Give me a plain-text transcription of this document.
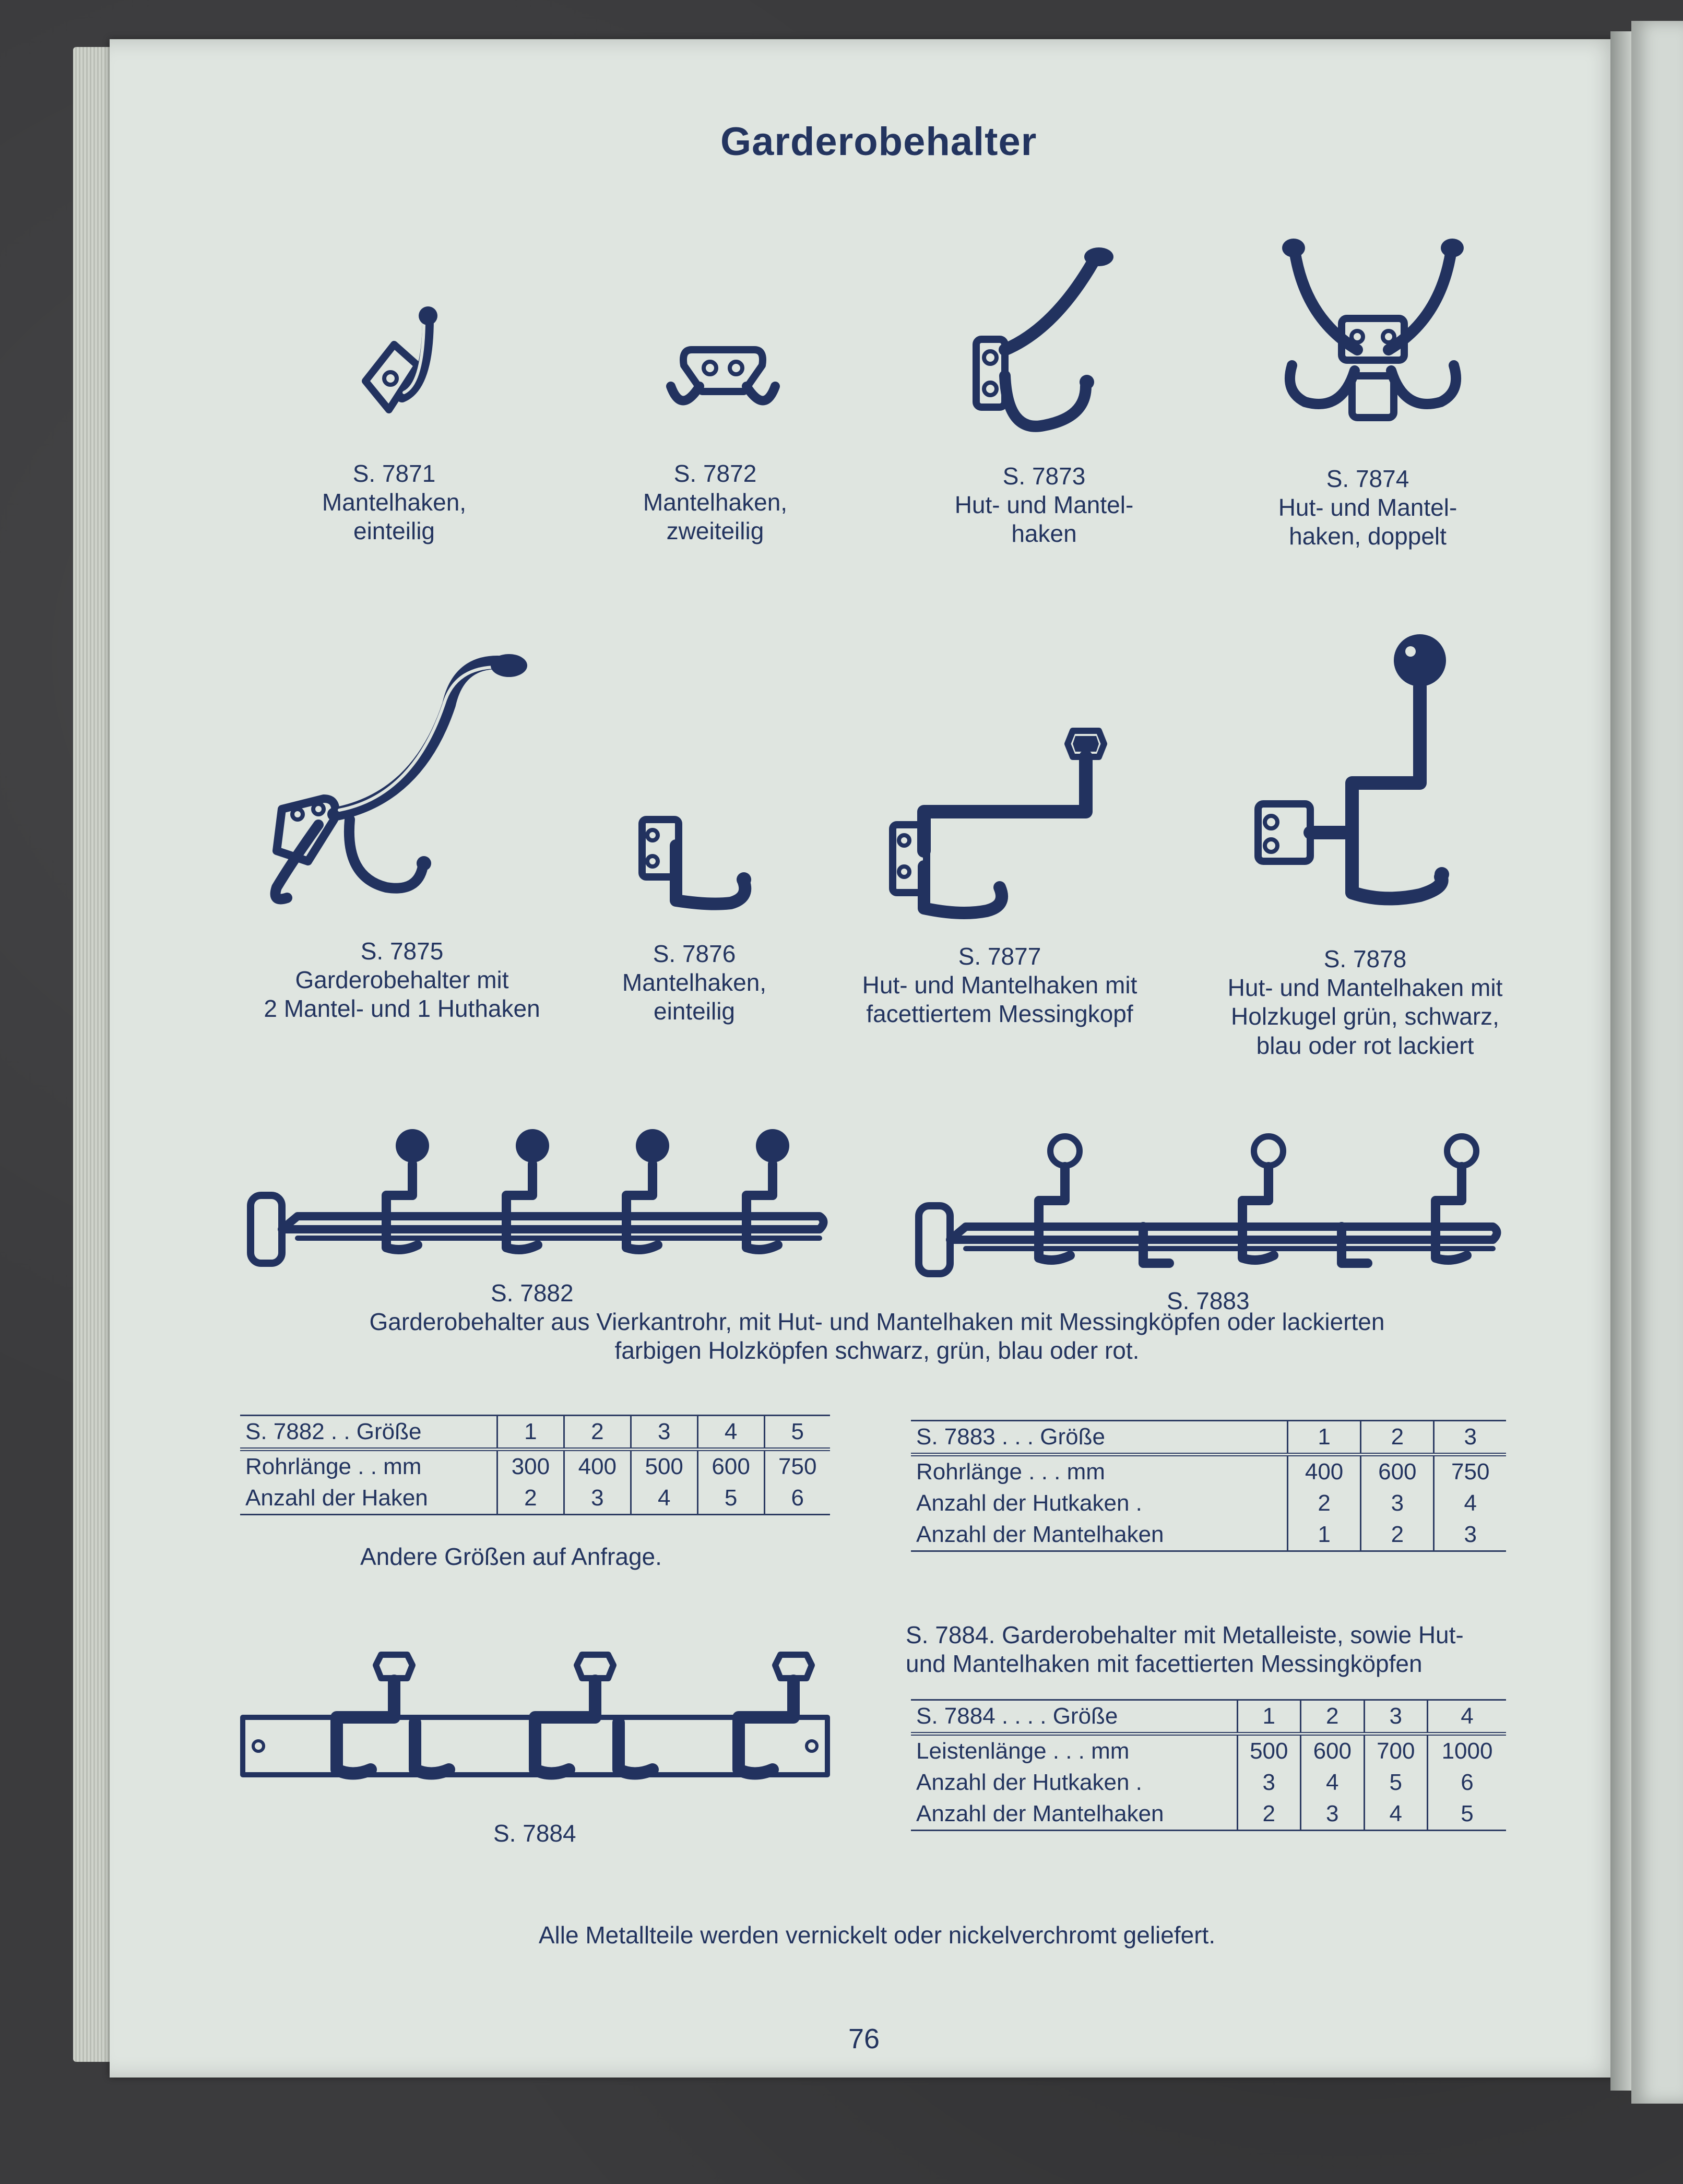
Garderobehalter
S. 7871
Mantelhaken,
einteilig
S. 7872
Mantelhaken,
zweiteilig
S. 7873
Hut- und Mantel-
haken
S. 7874
Hut- und Mantel-
haken, doppelt
S. 7875
Garderobehalter mit
2 Mantel- und 1 Huthaken
S. 7876
Mantelhaken,
einteilig
S. 7877
Hut- und Mantelhaken mit
facettiertem Messingkopf
S. 7878
Hut- und Mantelhaken mit
Holzkugel grün, schwarz,
blau oder rot lackiert
S. 7882	S. 7883
Garderobehalter aus Vierkantrohr, mit Hut- und Mantelhaken mit Messingköpfen oder lackierten
farbigen Holzköpfen schwarz, grün, blau oder rot.
S. 7882 . . Größe	1	2	3	4	5
Rohrlänge . . mm	300	400	500	600	750
Anzahl der Haken	2	3	4	5	6
Andere Größen auf Anfrage.
S. 7883 . . . Größe	1	2	3
Rohrlänge . . . mm	400	600	750
Anzahl der Hutkaken .	2	3	4
Anzahl der Mantelhaken	1	2	3
S. 7884
S. 7884. Garderobehalter mit Metalleiste, sowie Hut-
und Mantelhaken mit facettierten Messingköpfen
S. 7884 . . . . Größe	1	2	3	4
Leistenlänge . . . mm	500	600	700	1000
Anzahl der Hutkaken .	3	4	5	6
Anzahl der Mantelhaken	2	3	4	5
Alle Metallteile werden vernickelt oder nickelverchromt geliefert.
76
